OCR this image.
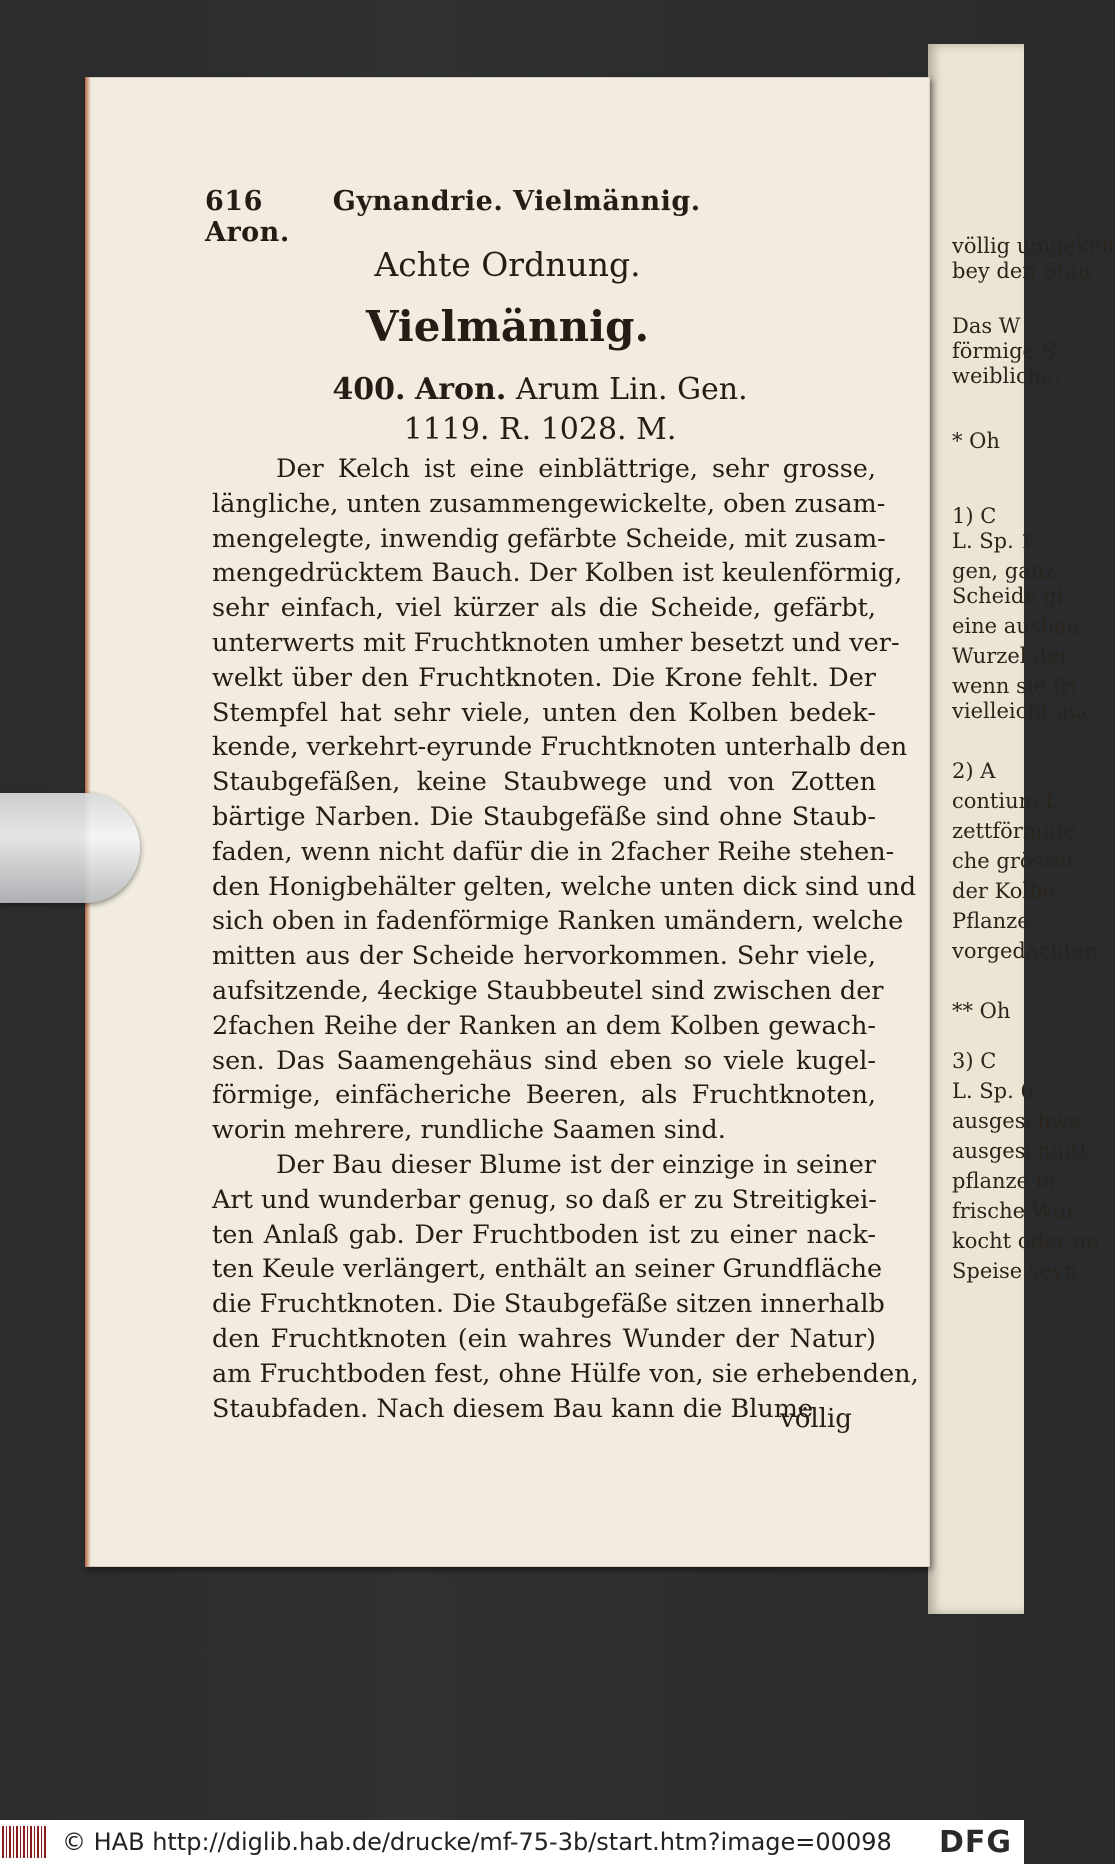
völlig umgekeh
bey den Stau
Das W
förmige S
weibliche,
* Oh
1) C
L. Sp. 1.
gen, ganz
Scheide gl
eine ausbau
Wurzel der
wenn sie fri
vielleicht auc
2) A
contium L
zettförmige
che grösser
der Kolbe
Pflanze.
vorgedachten
** Oh
3) C
L. Sp. 6.
ausgeschwe
ausgeschnitt
pflanze in
frische Wur
kocht oder ge
Speise seyn.
616	Gynandrie. Vielmännig. Aron.
Achte Ordnung.
Vielmännig.
400. Aron. Arum Lin. Gen.
1119. R. 1028. M.
Der Kelch ist eine einblättrige, sehr grosse,
längliche, unten zusammengewickelte, oben zusam-
mengelegte, inwendig gefärbte Scheide, mit zusam-
mengedrücktem Bauch. Der Kolben ist keulenförmig,
sehr einfach, viel kürzer als die Scheide, gefärbt,
unterwerts mit Fruchtknoten umher besetzt und ver-
welkt über den Fruchtknoten. Die Krone fehlt. Der
Stempfel hat sehr viele, unten den Kolben bedek-
kende, verkehrt-eyrunde Fruchtknoten unterhalb den
Staubgefäßen, keine Staubwege und von Zotten
bärtige Narben. Die Staubgefäße sind ohne Staub-
faden, wenn nicht dafür die in 2facher Reihe stehen-
den Honigbehälter gelten, welche unten dick sind und
sich oben in fadenförmige Ranken umändern, welche
mitten aus der Scheide hervorkommen. Sehr viele,
aufsitzende, 4eckige Staubbeutel sind zwischen der
2fachen Reihe der Ranken an dem Kolben gewach-
sen. Das Saamengehäus sind eben so viele kugel-
förmige, einfächeriche Beeren, als Fruchtknoten,
worin mehrere, rundliche Saamen sind.
Der Bau dieser Blume ist der einzige in seiner
Art und wunderbar genug, so daß er zu Streitigkei-
ten Anlaß gab. Der Fruchtboden ist zu einer nack-
ten Keule verlängert, enthält an seiner Grundfläche
die Fruchtknoten. Die Staubgefäße sitzen innerhalb
den Fruchtknoten (ein wahres Wunder der Natur)
am Fruchtboden fest, ohne Hülfe von, sie erhebenden,
Staubfaden. Nach diesem Bau kann die Blume
völlig
© HAB http://diglib.hab.de/drucke/mf-75-3b/start.htm?image=00098	DFG
